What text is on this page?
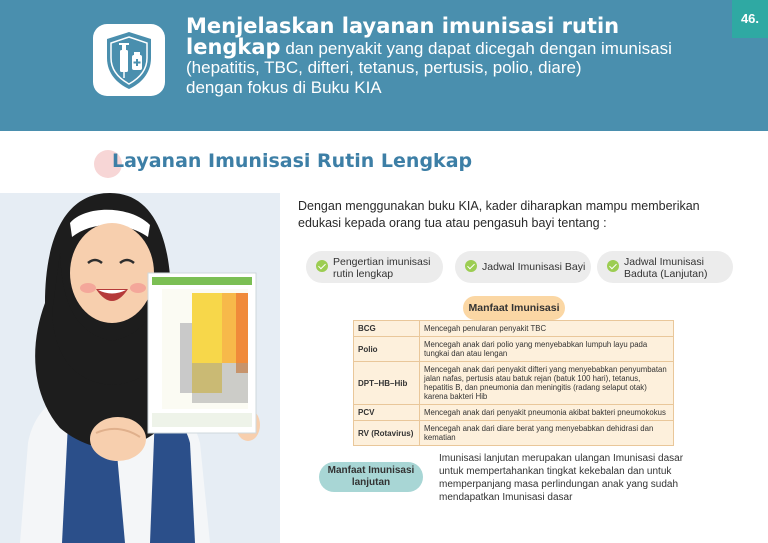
Menjelaskan layanan imunisasi rutin
lengkap dan penyakit yang dapat dicegah dengan imunisasi
(hepatitis, TBC, difteri, tetanus, pertusis, polio, diare)
dengan fokus di Buku KIA
46.
Layanan Imunisasi Rutin Lengkap
Dengan menggunakan buku KIA, kader diharapkan mampu memberikan edukasi kepada orang tua atau pengasuh bayi tentang :
Pengertian imunisasi
rutin lengkap
Jadwal Imunisasi Bayi	Jadwal Imunisasi
Baduta (Lanjutan)
Manfaat Imunisasi
BCG	Mencegah penularan penyakit TBC
Polio	Mencegah anak dari polio yang menyebabkan lumpuh layu pada tungkai dan atau lengan
DPT–HB–Hib	Mencegah anak dari penyakit difteri yang menyebabkan penyumbatan jalan nafas, pertusis atau batuk rejan (batuk 100 hari), tetanus, hepatitis B, dan pneumonia dan meningitis (radang selaput otak) karena bakteri Hib
PCV	Mencegah anak dari penyakit pneumonia akibat bakteri pneumokokus
RV (Rotavirus)	Mencegah anak dari diare berat yang menyebabkan dehidrasi dan kematian
Manfaat Imunisasi
lanjutan
Imunisasi lanjutan merupakan ulangan Imunisasi dasar untuk mempertahankan tingkat kekebalan dan untuk memperpanjang masa perlindungan anak yang sudah mendapatkan Imunisasi dasar
